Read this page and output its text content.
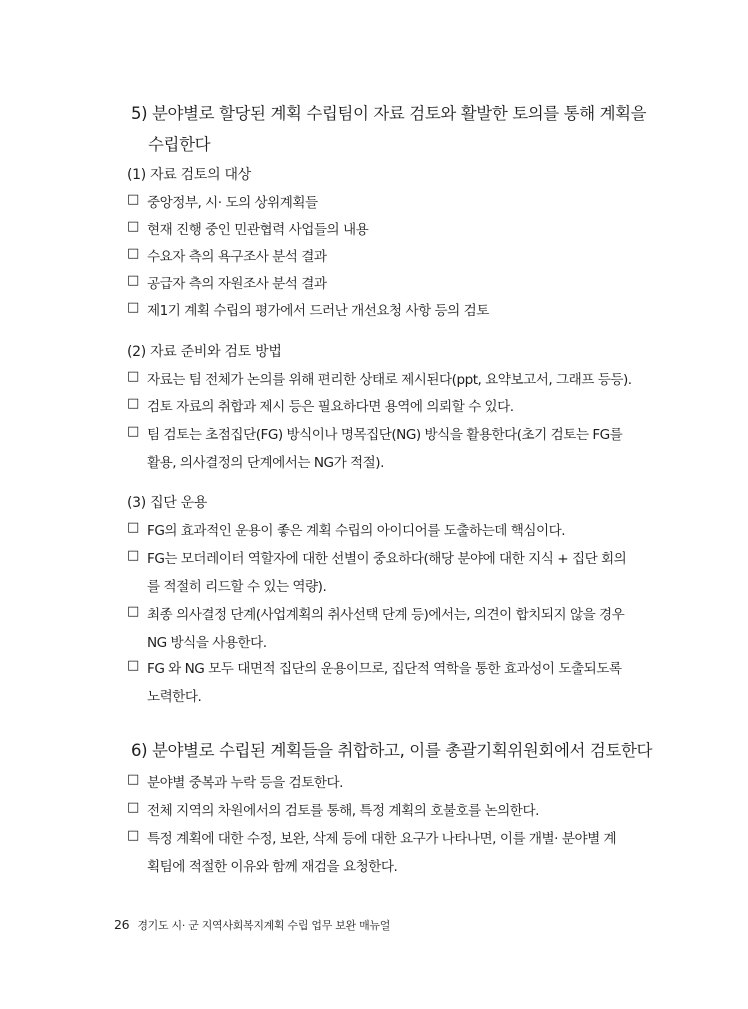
5) 분야별로 할당된 계획 수립팀이 자료 검토와 활발한 토의를 통해 계획을
수립한다
(1) 자료 검토의 대상
□ 중앙정부, 시· 도의 상위계획들
□ 현재 진행 중인 민관협력 사업들의 내용
□ 수요자 측의 욕구조사 분석 결과
□ 공급자 측의 자원조사 분석 결과
□ 제1기 계획 수립의 평가에서 드러난 개선요청 사항 등의 검토
(2) 자료 준비와 검토 방법
□ 자료는 팀 전체가 논의를 위해 편리한 상태로 제시된다(ppt, 요약보고서, 그래프 등등).
□ 검토 자료의 취합과 제시 등은 필요하다면 용역에 의뢰할 수 있다.
□ 팀 검토는 초점집단(FG) 방식이나 명목집단(NG) 방식을 활용한다(초기 검토는 FG를
활용, 의사결정의 단계에서는 NG가 적절).
(3) 집단 운용
□ FG의 효과적인 운용이 좋은 계획 수립의 아이디어를 도출하는데 핵심이다.
□ FG는 모더레이터 역할자에 대한 선별이 중요하다(해당 분야에 대한 지식 + 집단 회의
를 적절히 리드할 수 있는 역량).
□ 최종 의사결정 단계(사업계획의 취사선택 단계 등)에서는, 의견이 합치되지 않을 경우
NG 방식을 사용한다.
□ FG 와 NG 모두 대면적 집단의 운용이므로, 집단적 역학을 통한 효과성이 도출되도록
노력한다.
6) 분야별로 수립된 계획들을 취합하고, 이를 총괄기획위원회에서 검토한다
□ 분야별 중복과 누락 등을 검토한다.
□ 전체 지역의 차원에서의 검토를 통해, 특정 계획의 호불호를 논의한다.
□ 특정 계획에 대한 수정, 보완, 삭제 등에 대한 요구가 나타나면, 이를 개별· 분야별 계
획팀에 적절한 이유와 함께 재검을 요청한다.
26 경기도 시· 군 지역사회복지계획 수립 업무 보완 매뉴얼
